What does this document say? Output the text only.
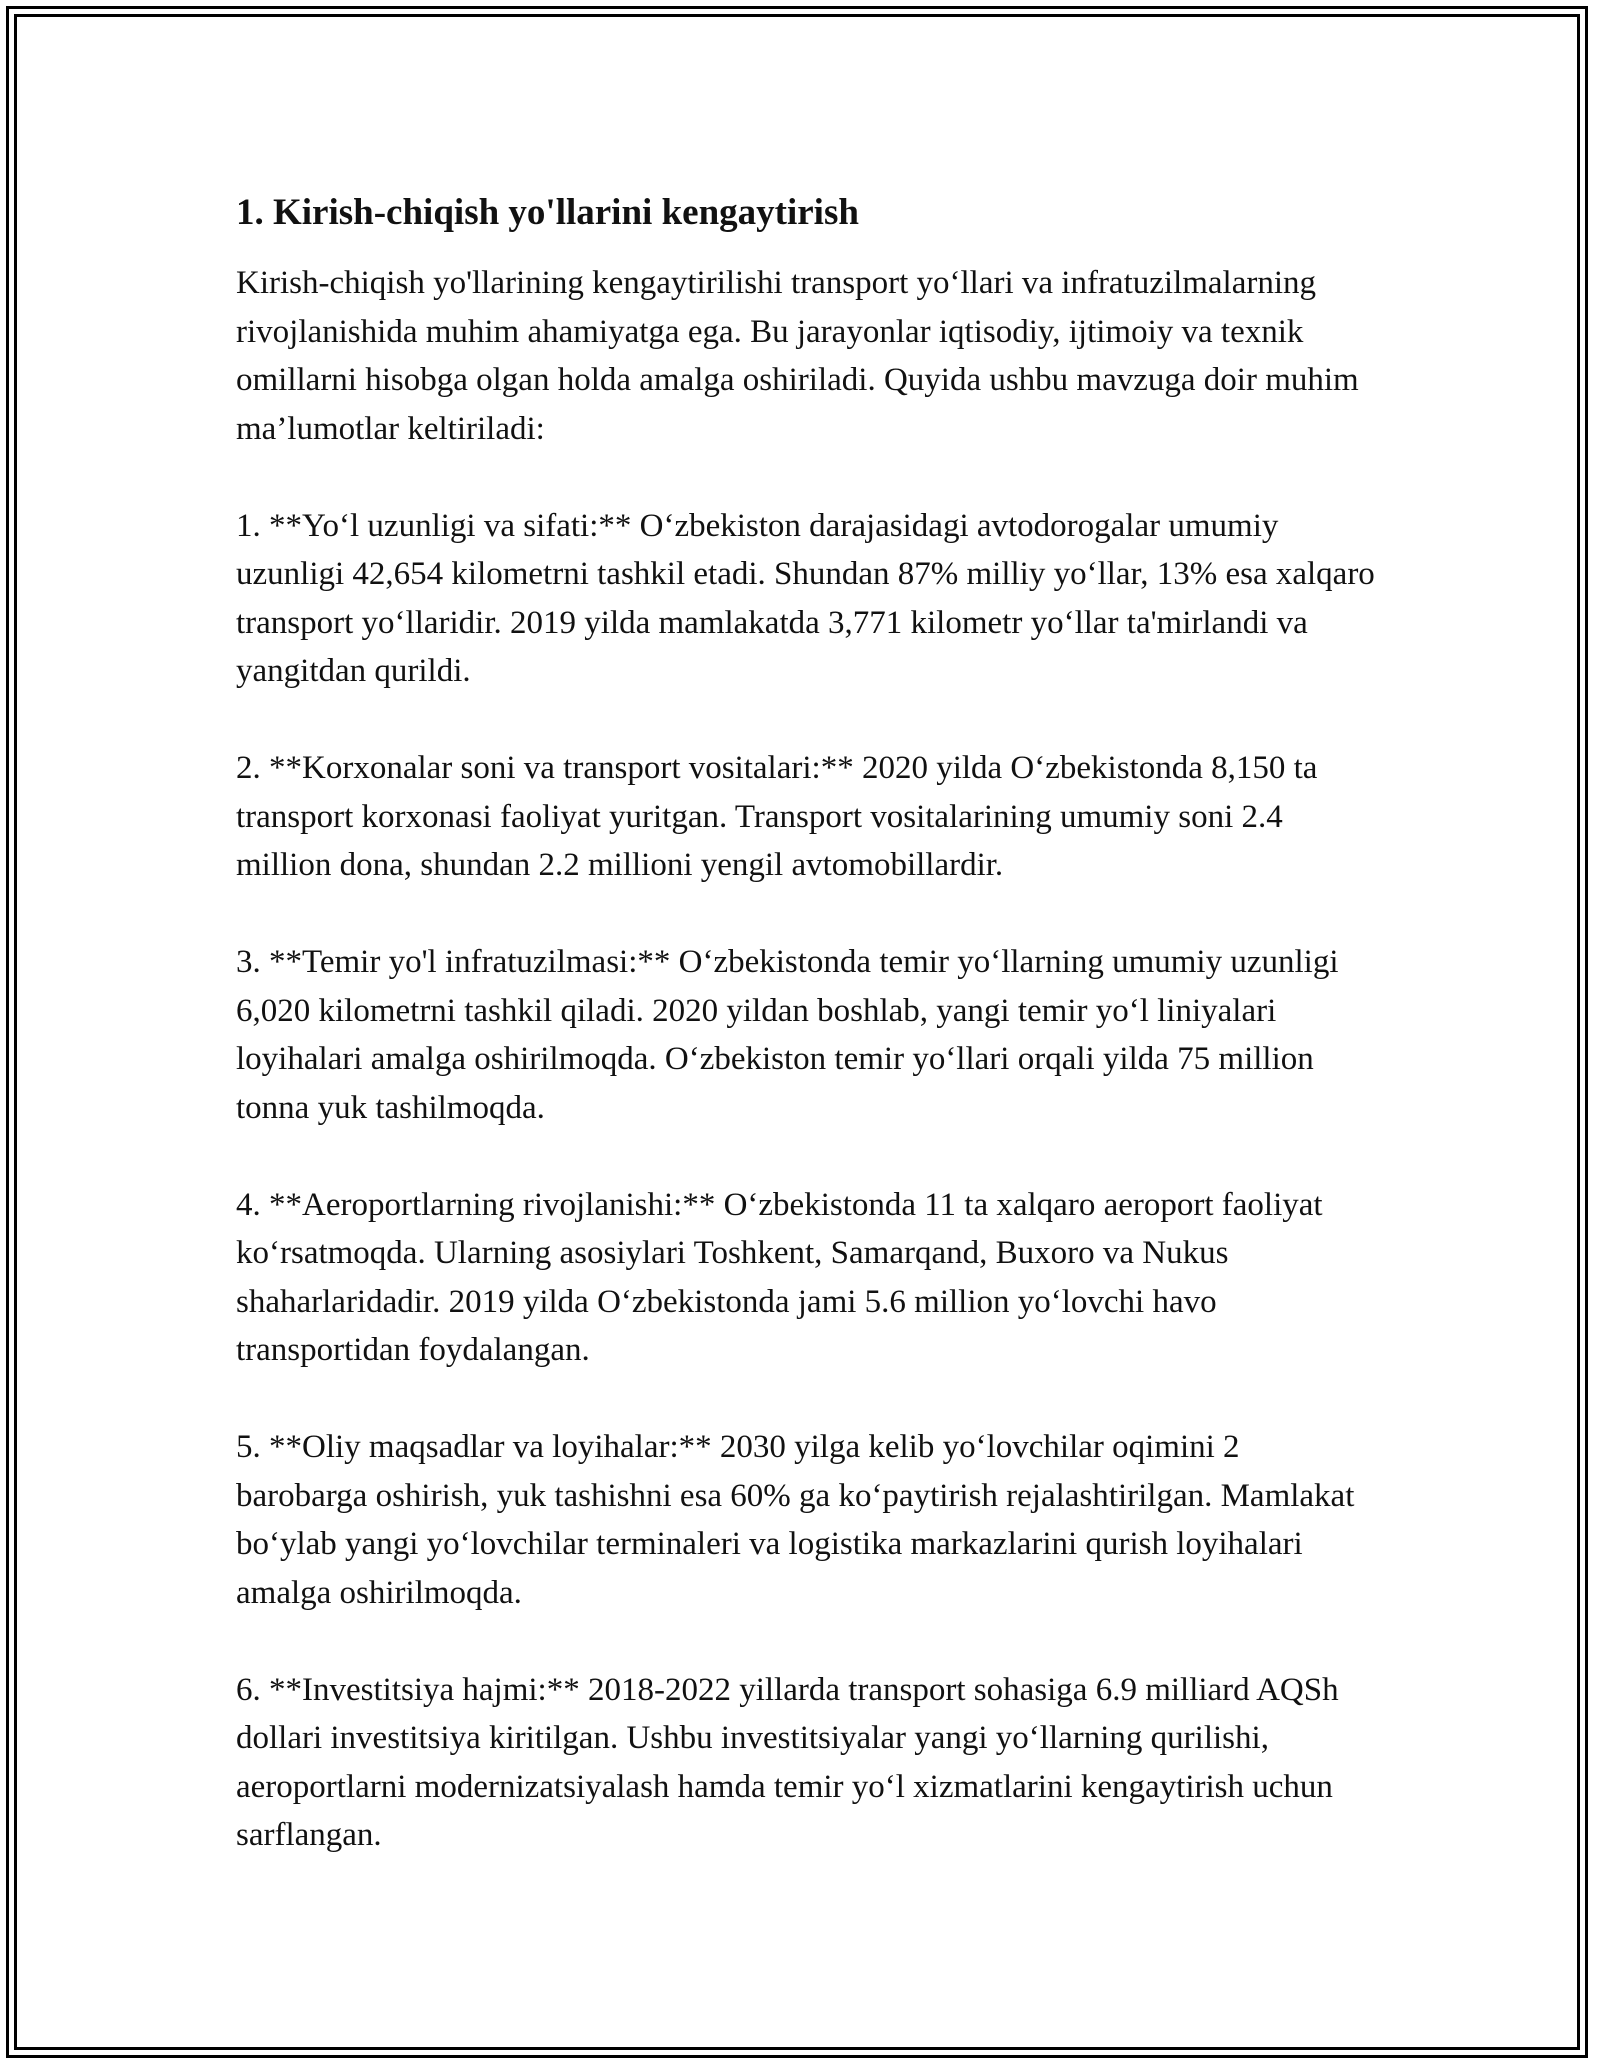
1. Kirish-chiqish yo'llarini kengaytirish

Kirish-chiqish yo'llarining kengaytirilishi transport yo‘llari va infratuzilmalarning rivojlanishida muhim ahamiyatga ega. Bu jarayonlar iqtisodiy, ijtimoiy va texnik omillarni hisobga olgan holda amalga oshiriladi. Quyida ushbu mavzuga doir muhim ma’lumotlar keltiriladi:

1. **Yo‘l uzunligi va sifati:** O‘zbekiston darajasidagi avtodorogalar umumiy uzunligi 42,654 kilometrni tashkil etadi. Shundan 87% milliy yo‘llar, 13% esa xalqaro transport yo‘llaridir. 2019 yilda mamlakatda 3,771 kilometr yo‘llar ta'mirlandi va yangitdan qurildi.

2. **Korxonalar soni va transport vositalari:** 2020 yilda O‘zbekistonda 8,150 ta transport korxonasi faoliyat yuritgan. Transport vositalarining umumiy soni 2.4 million dona, shundan 2.2 millioni yengil avtomobillardir.

3. **Temir yo'l infratuzilmasi:** O‘zbekistonda temir yo‘llarning umumiy uzunligi 6,020 kilometrni tashkil qiladi. 2020 yildan boshlab, yangi temir yo‘l liniyalari loyihalari amalga oshirilmoqda. O‘zbekiston temir yo‘llari orqali yilda 75 million tonna yuk tashilmoqda.

4. **Aeroportlarning rivojlanishi:** O‘zbekistonda 11 ta xalqaro aeroport faoliyat ko‘rsatmoqda. Ularning asosiylari Toshkent, Samarqand, Buxoro va Nukus shaharlaridadir. 2019 yilda O‘zbekistonda jami 5.6 million yo‘lovchi havo transportidan foydalangan.

5. **Oliy maqsadlar va loyihalar:** 2030 yilga kelib yo‘lovchilar oqimini 2 barobarga oshirish, yuk tashishni esa 60% ga ko‘paytirish rejalashtirilgan. Mamlakat bo‘ylab yangi yo‘lovchilar terminaleri va logistika markazlarini qurish loyihalari amalga oshirilmoqda.

6. **Investitsiya hajmi:** 2018-2022 yillarda transport sohasiga 6.9 milliard AQSh dollari investitsiya kiritilgan. Ushbu investitsiyalar yangi yo‘llarning qurilishi, aeroportlarni modernizatsiyalash hamda temir yo‘l xizmatlarini kengaytirish uchun sarflangan.
